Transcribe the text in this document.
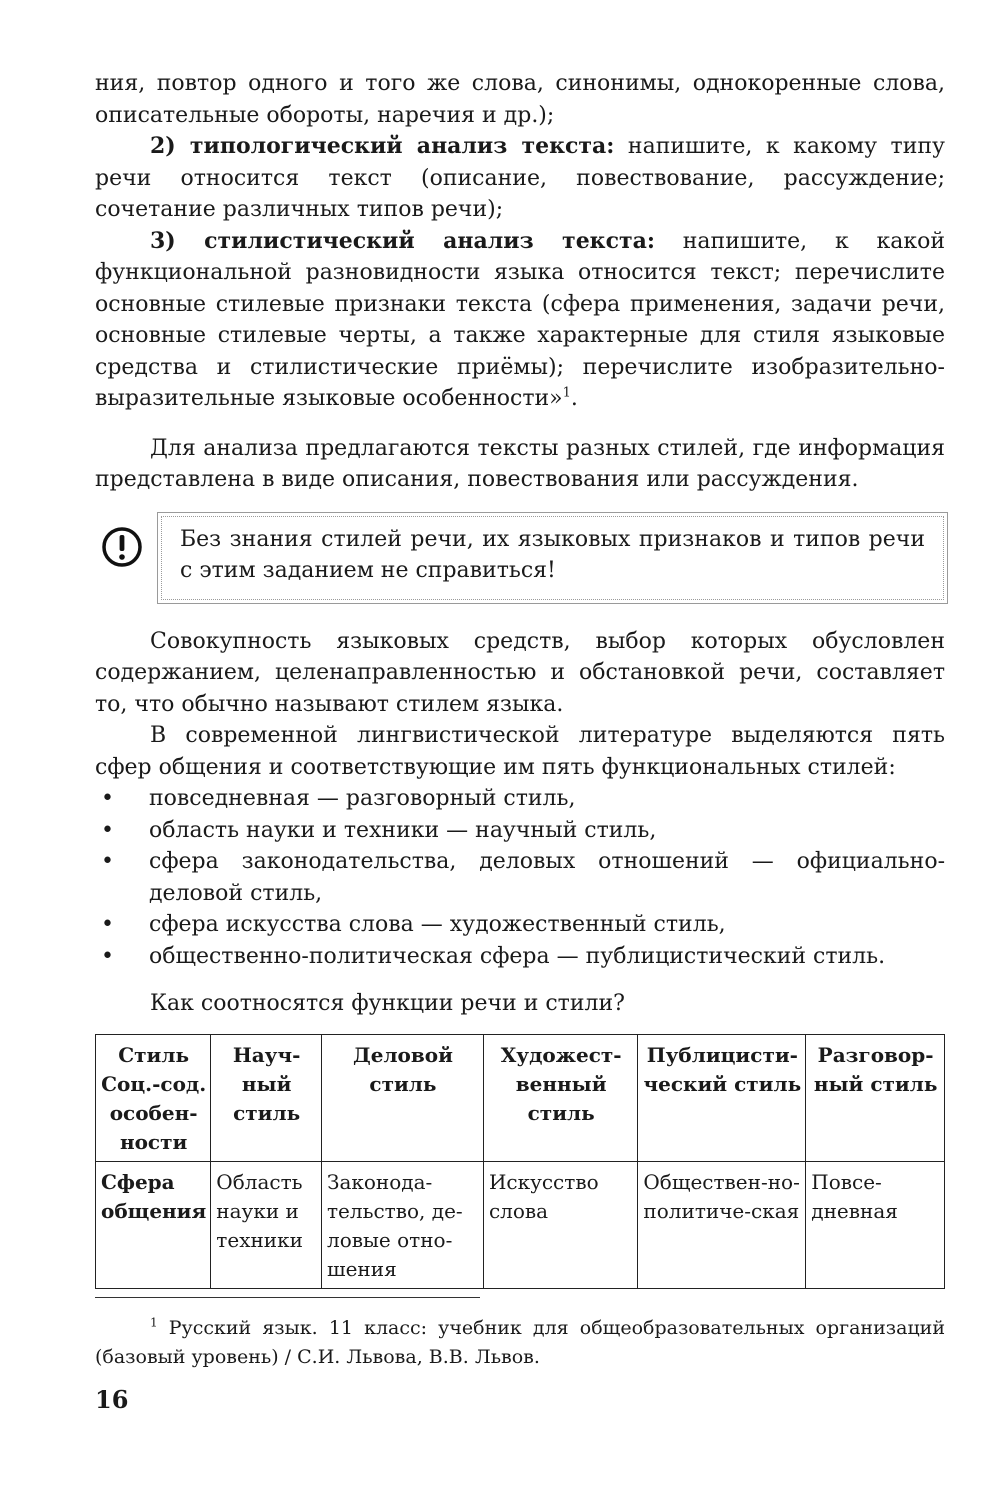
ния, повтор одного и того же слова, синонимы, однокоренные слова, описательные обороты, наречия и др.);

2) типологический анализ текста: напишите, к какому типу речи относится текст (описание, повествование, рассуждение; сочетание различных типов речи);

3) стилистический анализ текста: напишите, к какой функциональной разновидности языка относится текст; перечислите основные стилевые признаки текста (сфера применения, задачи речи, основные стилевые черты, а также характерные для стиля языковые средства и стилистические приёмы); перечислите изобразительно-выразительные языковые особенности»$^1$.

Для анализа предлагаются тексты разных стилей, где информация представлена в виде описания, повествования или рассуждения.

Без знания стилей речи, их языковых признаков и типов речи с этим заданием не справиться!

Совокупность языковых средств, выбор которых обусловлен содержанием, целенаправленностью и обстановкой речи, составляет то, что обычно называют стилем языка.

В современной лингвистической литературе выделяются пять сфер общения и соответствующие им пять функциональных стилей:

• повседневная — разговорный стиль,
• область науки и техники — научный стиль,
• сфера законодательства, деловых отношений — официально-деловой стиль,
• сфера искусства слова — художественный стиль,
• общественно-политическая сфера — публицистический стиль.

Как соотносятся функции речи и стили?

Стиль Соц.-сод. особен-ности	Науч-ный стиль	Деловой стиль	Художест-венный стиль	Публицисти-ческий стиль	Разговор-ный стиль
Сфера общения	Область науки и техники	Законода-тельство, де-ловые отно-шения	Искусство слова	Обществен-но-политиче-ская	Повсе-дневная

$^1$ Русский язык. 11 класс: учебник для общеобразовательных организаций (базовый уровень) / С.И. Львова, В.В. Львов.

16
